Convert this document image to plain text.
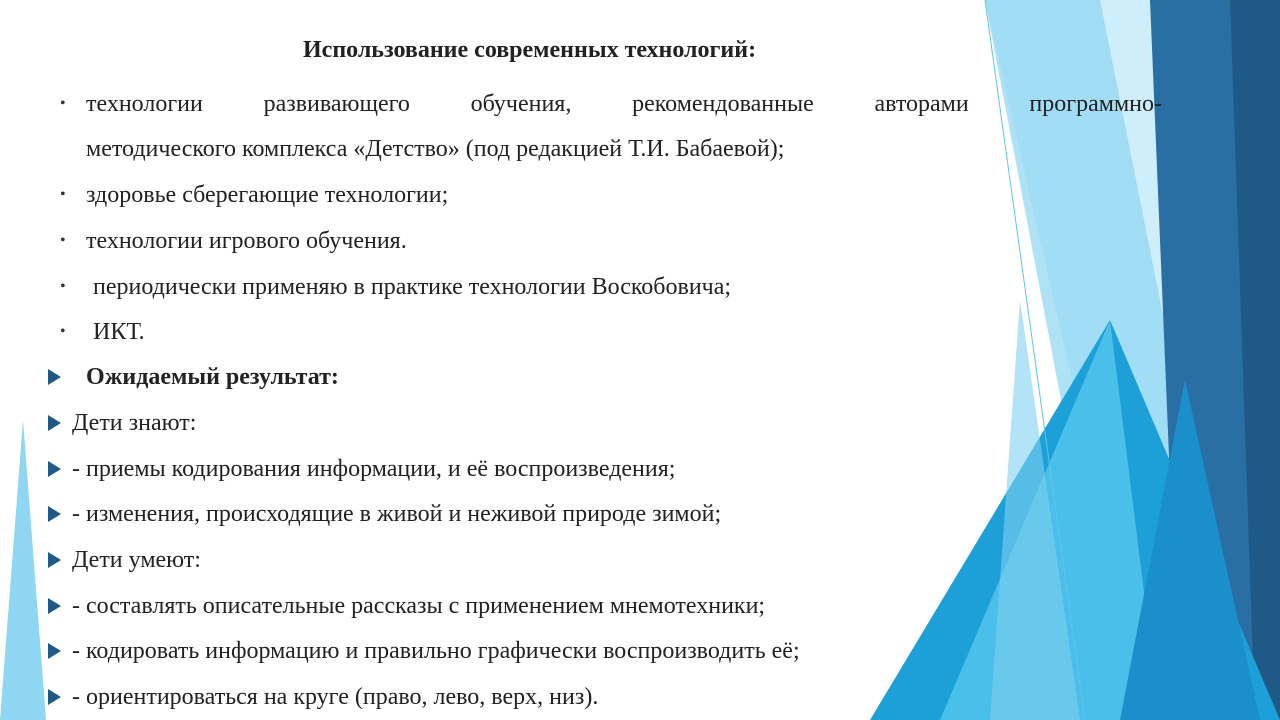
Использование современных технологий:
• технологии	развивающего	обучения,	рекомендованные	авторами	программно-
методического комплекса «Детство» (под редакцией Т.И. Бабаевой);
• здоровье сберегающие технологии;
• технологии игрового обучения.
• периодически применяю в практике технологии Воскобовича;
• ИКТ.
Ожидаемый результат:
Дети знают:
- приемы кодирования информации, и её воспроизведения;
- изменения, происходящие в живой и неживой природе зимой;
Дети умеют:
- составлять описательные рассказы с применением мнемотехники;
- кодировать информацию и правильно графически воспроизводить её;
- ориентироваться на круге (право, лево, верх, низ).
